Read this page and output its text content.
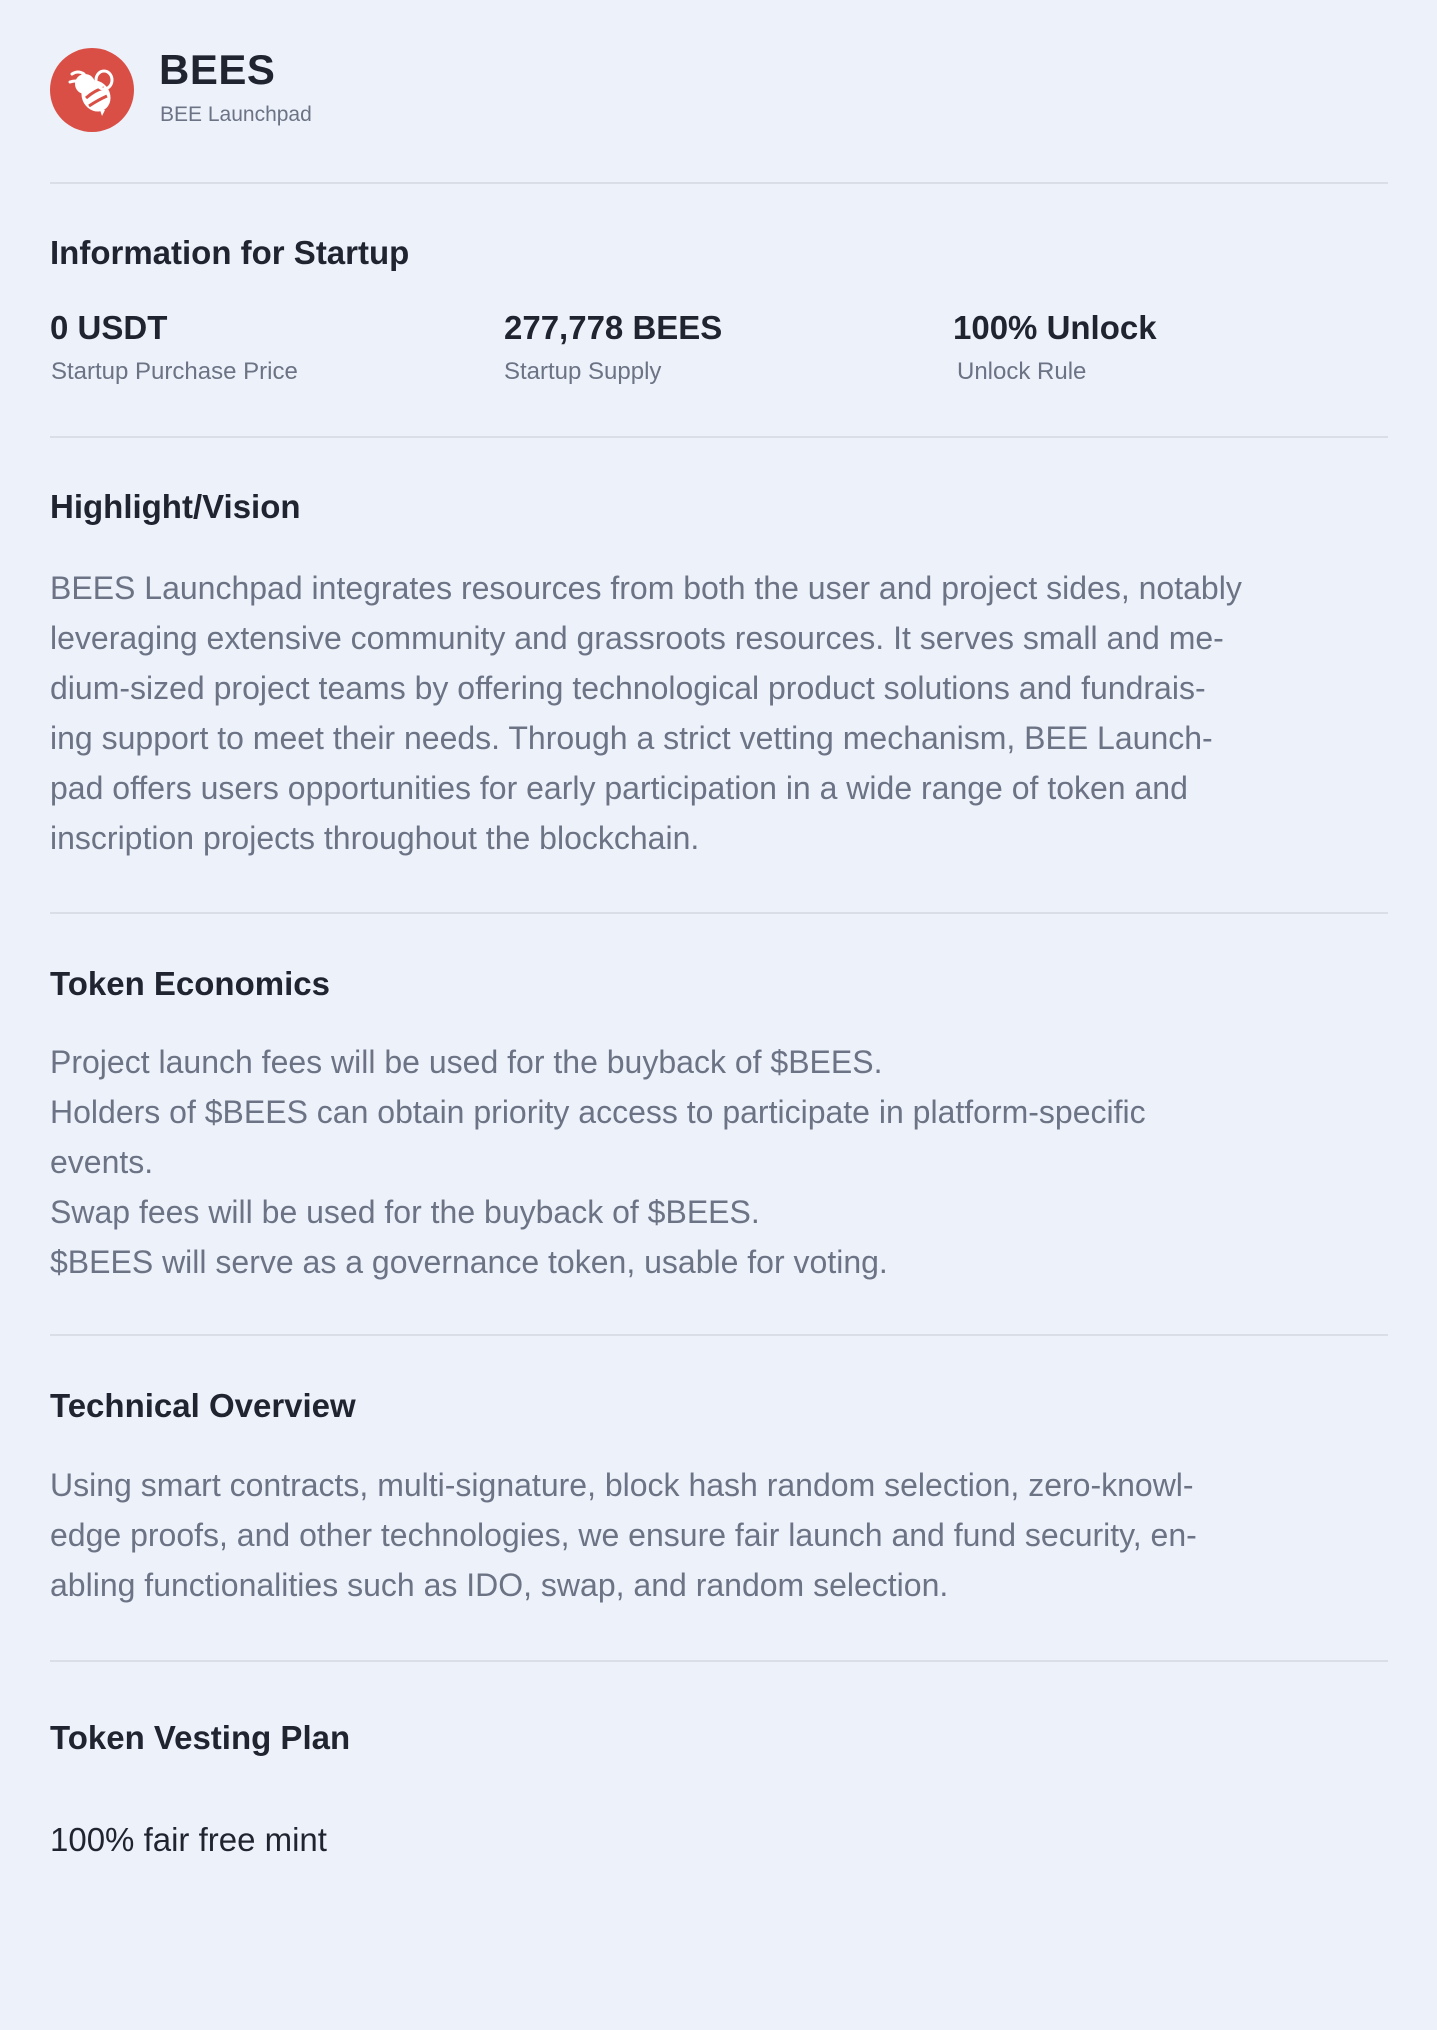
BEES
BEE Launchpad
Information for Startup
0 USDT
Startup Purchase Price
277,778 BEES
Startup Supply
100% Unlock
Unlock Rule
Highlight/Vision
BEES Launchpad integrates resources from both the user and project sides, notably
leveraging extensive community and grassroots resources. It serves small and me-
dium-sized project teams by offering technological product solutions and fundrais-
ing support to meet their needs. Through a strict vetting mechanism, BEE Launch-
pad offers users opportunities for early participation in a wide range of token and
inscription projects throughout the blockchain.
Token Economics
Project launch fees will be used for the buyback of $BEES.
Holders of $BEES can obtain priority access to participate in platform-specific
events.
Swap fees will be used for the buyback of $BEES.
$BEES will serve as a governance token, usable for voting.
Technical Overview
Using smart contracts, multi-signature, block hash random selection, zero-knowl-
edge proofs, and other technologies, we ensure fair launch and fund security, en-
abling functionalities such as IDO, swap, and random selection.
Token Vesting Plan
100% fair free mint
